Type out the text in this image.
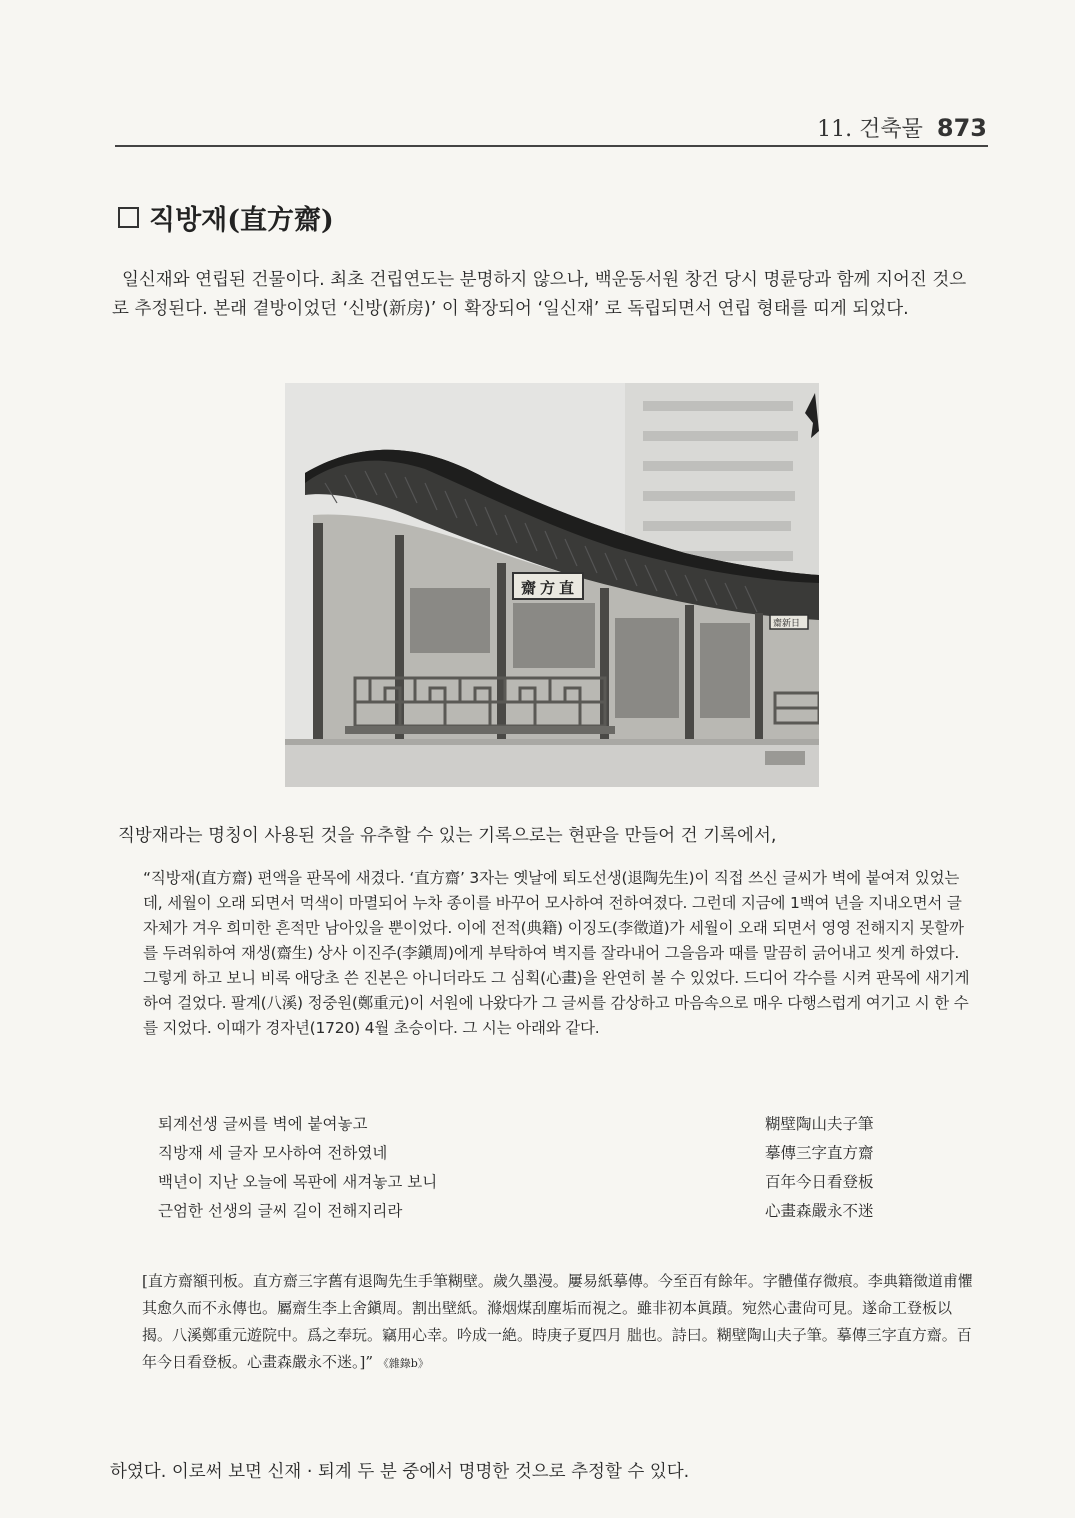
11. 건축물 873
직방재(直方齋)

일신재와 연립된 건물이다. 최초 건립연도는 분명하지 않으나, 백운동서원 창건 당시 명륜당과 함께 지어진 것으로 추정된다. 본래 곁방이었던 ‘신방(新房)’ 이 확장되어 ‘일신재’ 로 독립되면서 연립 형태를 띠게 되었다.

齋方直
齋新日
직방재라는 명칭이 사용된 것을 유추할 수 있는 기록으로는 현판을 만들어 건 기록에서,

“직방재(直方齋) 편액을 판목에 새겼다. ‘直方齋’ 3자는 옛날에 퇴도선생(退陶先生)이 직접 쓰신 글씨가 벽에 붙여져 있었는데, 세월이 오래 되면서 먹색이 마멸되어 누차 종이를 바꾸어 모사하여 전하여졌다. 그런데 지금에 1백여 년을 지내오면서 글자체가 겨우 희미한 흔적만 남아있을 뿐이었다. 이에 전적(典籍) 이징도(李徵道)가 세월이 오래 되면서 영영 전해지지 못할까를 두려워하여 재생(齋生) 상사 이진주(李鎭周)에게 부탁하여 벽지를 잘라내어 그을음과 때를 말끔히 긁어내고 씻게 하였다. 그렇게 하고 보니 비록 애당초 쓴 진본은 아니더라도 그 심획(心畫)을 완연히 볼 수 있었다. 드디어 각수를 시켜 판목에 새기게 하여 걸었다. 팔계(八溪) 정중원(鄭重元)이 서원에 나왔다가 그 글씨를 감상하고 마음속으로 매우 다행스럽게 여기고 시 한 수를 지었다. 이때가 경자년(1720) 4월 초승이다. 그 시는 아래와 같다.

퇴계선생 글씨를 벽에 붙여놓고
직방재 세 글자 모사하여 전하였네
백년이 지난 오늘에 목판에 새겨놓고 보니
근엄한 선생의 글씨 길이 전해지리라
糊壁陶山夫子筆
摹傳三字直方齋
百年今日看登板
心畫森嚴永不迷

[直方齋額刊板。直方齋三字舊有退陶先生手筆糊壁。歲久墨漫。屢易紙摹傳。今至百有餘年。字體僅存微痕。李典籍徵道甫懼其愈久而不永傳也。屬齋生李上舍鎭周。割出壁紙。滌烟煤刮塵垢而視之。雖非初本眞蹟。宛然心畫尙可見。遂命工登板以揭。八溪鄭重元遊院中。爲之奉玩。竊用心幸。吟成一絶。時庚子夏四月 朏也。詩曰。糊壁陶山夫子筆。摹傳三字直方齋。百年今日看登板。心畫森嚴永不迷。]” 《雜錄b》

하였다. 이로써 보면 신재 · 퇴계 두 분 중에서 명명한 것으로 추정할 수 있다.
